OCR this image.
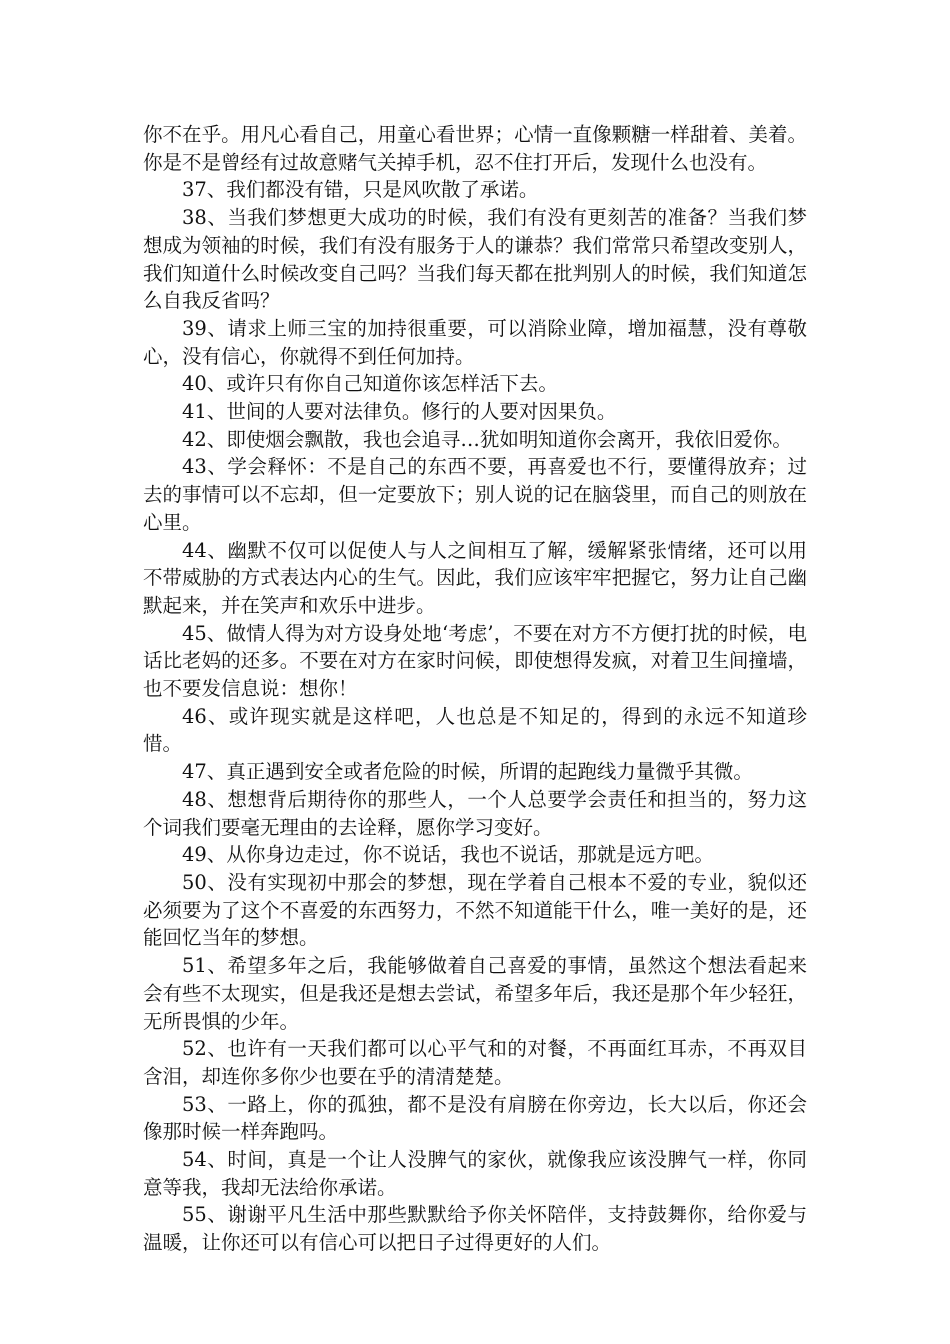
你不在乎。用凡心看自己，用童心看世界；心情一直像颗糖一样甜着、美着。你是不是曾经有过故意赌气关掉手机，忍不住打开后，发现什么也没有。

37、我们都没有错，只是风吹散了承诺。

38、当我们梦想更大成功的时候，我们有没有更刻苦的准备？当我们梦想成为领袖的时候，我们有没有服务于人的谦恭？我们常常只希望改变别人，我们知道什么时候改变自己吗？当我们每天都在批判别人的时候，我们知道怎么自我反省吗？

39、请求上师三宝的加持很重要，可以消除业障，增加福慧，没有尊敬心，没有信心，你就得不到任何加持。

40、或许只有你自己知道你该怎样活下去。

41、世间的人要对法律负。修行的人要对因果负。

42、即使烟会飘散，我也会追寻…犹如明知道你会离开，我依旧爱你。

43、学会释怀：不是自己的东西不要，再喜爱也不行，要懂得放弃；过去的事情可以不忘却，但一定要放下；别人说的记在脑袋里，而自己的则放在心里。

44、幽默不仅可以促使人与人之间相互了解，缓解紧张情绪，还可以用不带威胁的方式表达内心的生气。因此，我们应该牢牢把握它，努力让自己幽默起来，并在笑声和欢乐中进步。

45、做情人得为对方设身处地‘考虑’，不要在对方不方便打扰的时候，电话比老妈的还多。不要在对方在家时问候，即使想得发疯，对着卫生间撞墙，也不要发信息说：想你！

46、或许现实就是这样吧，人也总是不知足的，得到的永远不知道珍惜。

47、真正遇到安全或者危险的时候，所谓的起跑线力量微乎其微。

48、想想背后期待你的那些人，一个人总要学会责任和担当的，努力这个词我们要毫无理由的去诠释，愿你学习变好。

49、从你身边走过，你不说话，我也不说话，那就是远方吧。

50、没有实现初中那会的梦想，现在学着自己根本不爱的专业，貌似还必须要为了这个不喜爱的东西努力，不然不知道能干什么，唯一美好的是，还能回忆当年的梦想。

51、希望多年之后，我能够做着自己喜爱的事情，虽然这个想法看起来会有些不太现实，但是我还是想去尝试，希望多年后，我还是那个年少轻狂，无所畏惧的少年。

52、也许有一天我们都可以心平气和的对餐，不再面红耳赤，不再双目含泪，却连你多你少也要在乎的清清楚楚。

53、一路上，你的孤独，都不是没有肩膀在你旁边，长大以后，你还会像那时候一样奔跑吗。

54、时间，真是一个让人没脾气的家伙，就像我应该没脾气一样，你同意等我，我却无法给你承诺。

55、谢谢平凡生活中那些默默给予你关怀陪伴，支持鼓舞你，给你爱与温暖，让你还可以有信心可以把日子过得更好的人们。
